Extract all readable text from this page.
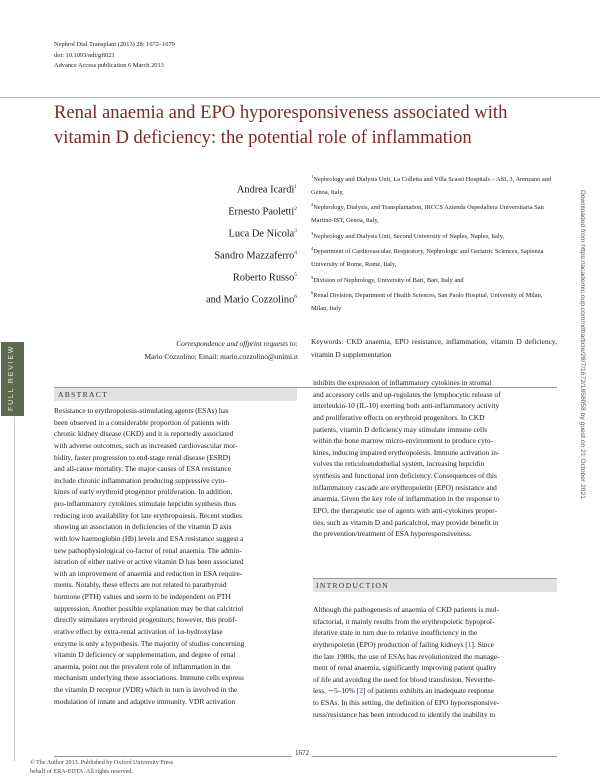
Nephrol Dial Transplant (2013) 28: 1672–1679
doi: 10.1093/ndt/gft021
Advance Access publication 6 March 2013
Renal anaemia and EPO hyporesponsiveness associated with vitamin D deficiency: the potential role of inflammation
Andrea Icardi$^1$
Ernesto Paoletti$^2$
Luca De Nicola$^3$
Sandro Mazzaferro$^4$
Roberto Russo$^5$
and Mario Cozzolino$^6$
$^1$Nephrology and Dialysis Unit, La Colletta and Villa Scassi Hospitals – ASL 3, Arenzano and Genoa, Italy,
$^2$Nephrology, Dialysis, and Transplantation, IRCCS Azienda Ospedaliera Universitaria San Martino-IST, Genoa, Italy,
$^3$Nephrology and Dialysis Unit, Second University of Naples, Naples, Italy,
$^4$Department of Cardiovascular, Respiratory, Nephrologic and Geriatric Sciences, Sapienza University of Rome, Rome, Italy,
$^5$Division of Nephrology, University of Bari, Bari, Italy and
$^6$Renal Division, Department of Health Sciences, San Paolo Hospital, University of Milan, Milan, Italy
Correspondence and offprint requests to:
Mario Cozzolino; Email: mario.cozzolino@unimi.it
Keywords: CKD anaemia, EPO resistance, inflammation, vitamin D deficiency, vitamin D supplementation
FULL REVIEW	ABSTRACT
Resistance to erythropoiesis-stimulating agents (ESAs) has
been observed in a considerable proportion of patients with
chronic kidney disease (CKD) and it is reportedly associated
with adverse outcomes, such as increased cardiovascular mor-
bidity, faster progression to end-stage renal disease (ESRD)
and all-cause mortality. The major causes of ESA resistance
include chronic inflammation producing suppressive cyto-
kines of early erythroid progenitor proliferation. In addition,
pro-inflammatory cytokines stimulate hepcidin synthesis thus
reducing iron availability for late erythropoiesis. Recent studies
showing an association in deficiencies of the vitamin D axis
with low haemoglobin (Hb) levels and ESA resistance suggest a
new pathophysiological co-factor of renal anaemia. The admin-
istration of either native or active vitamin D has been associated
with an improvement of anaemia and reduction in ESA require-
ments. Notably, these effects are not related to parathyroid
hormone (PTH) values and seem to be independent on PTH
suppression. Another possible explanation may be that calcitriol
directly stimulates erythroid progenitors; however, this prolif-
erative effect by extra-renal activation of 1α-hydroxylase
enzyme is only a hypothesis. The majority of studies concerning
vitamin D deficiency or supplementation, and degree of renal
anaemia, point out the prevalent role of inflammation in the
mechanism underlying these associations. Immune cells express
the vitamin D receptor (VDR) which in turn is involved in the
modulation of innate and adaptive immunity. VDR activation
inhibits the expression of inflammatory cytokines in stromal
and accessory cells and up-regulates the lymphocytic release of
interleukin-10 (IL-10) exerting both anti-inflammatory activity
and proliferative effects on erythroid progenitors. In CKD
patients, vitamin D deficiency may stimulate immune cells
within the bone marrow micro-environment to produce cyto-
kines, inducing impaired erythropoiesis. Immune activation in-
volves the reticuloendothelial system, increasing hepcidin
synthesis and functional iron deficiency. Consequences of this
inflammatory cascade are erythropoietin (EPO) resistance and
anaemia. Given the key role of inflammation in the response to
EPO, the therapeutic use of agents with anti-cytokines proper-
ties, such as vitamin D and paricalcitol, may provide benefit in
the prevention/treatment of ESA hyporesponsiveness.
INTRODUCTION
Although the pathogenesis of anaemia of CKD patients is mul-
tifactorial, it mainly results from the erythropoietic hypoprol-
iferative state in turn due to relative insufficiency in the
erythropoietin (EPO) production of failing kidneys [1]. Since
the late 1980s, the use of ESAs has revolutionized the manage-
ment of renal anaemia, significantly improving patient quality
of life and avoiding the need for blood transfusion. Neverthe-
less, ∼5–10% [2] of patients exhibits an inadequate response
to ESAs. In this setting, the definition of EPO hyporesponsive-
ness/resistance has been introduced to identify the inability to
1672
© The Author 2013. Published by Oxford University Press
behalf of ERA-EDTA. All rights reserved.
Downloaded from https://academic.oup.com/ndt/article/28/7/1672/1858058 by guest on 21 October 2021
